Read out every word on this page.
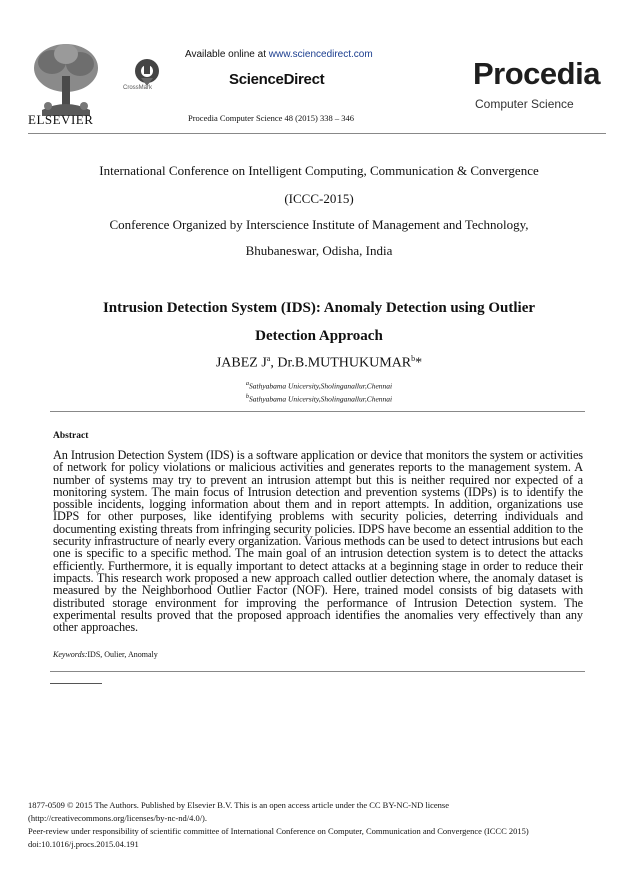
ELSEVIER
CrossMark
Available online at www.sciencedirect.com
ScienceDirect
Procedia Computer Science 48 (2015) 338 – 346
Procedia
Computer Science
International Conference on Intelligent Computing, Communication & Convergence
(ICCC-2015)
Conference Organized by Interscience Institute of Management and Technology,
Bhubaneswar, Odisha, India
Intrusion Detection System (IDS): Anomaly Detection using Outlier
Detection Approach
JABEZ $J^a$, Dr.B.MUTHUKUMAR$^b$*
$^a$Sathyabama Unicersity,Sholinganallur,Chennai
$^b$Sathyabama Unicersity,Sholinganallur,Chennai
Abstract
An Intrusion Detection System (IDS) is a software application or device that monitors the system or activities of network for policy violations or malicious activities and generates reports to the management system. A number of systems may try to prevent an intrusion attempt but this is neither required nor expected of a monitoring system. The main focus of Intrusion detection and prevention systems (IDPs) is to identify the possible incidents, logging information about them and in report attempts. In addition, organizations use IDPS for other purposes, like identifying problems with security policies, deterring individuals and documenting existing threats from infringing security policies. IDPS have become an essential addition to the security infrastructure of nearly every organization. Various methods can be used to detect intrusions but each one is specific to a specific method. The main goal of an intrusion detection system is to detect the attacks efficiently. Furthermore, it is equally important to detect attacks at a beginning stage in order to reduce their impacts. This research work proposed a new approach called outlier detection where, the anomaly dataset is measured by the Neighborhood Outlier Factor (NOF). Here, trained model consists of big datasets with distributed storage environment for improving the performance of Intrusion Detection system. The experimental results proved that the proposed approach identifies the anomalies very effectively than any other approaches.
Keywords:IDS, Oulier, Anomaly
1877-0509 © 2015 The Authors. Published by Elsevier B.V. This is an open access article under the CC BY-NC-ND license
(http://creativecommons.org/licenses/by-nc-nd/4.0/).
Peer-review under responsibility of scientific committee of International Conference on Computer, Communication and Convergence (ICCC 2015)
doi:10.1016/j.procs.2015.04.191
